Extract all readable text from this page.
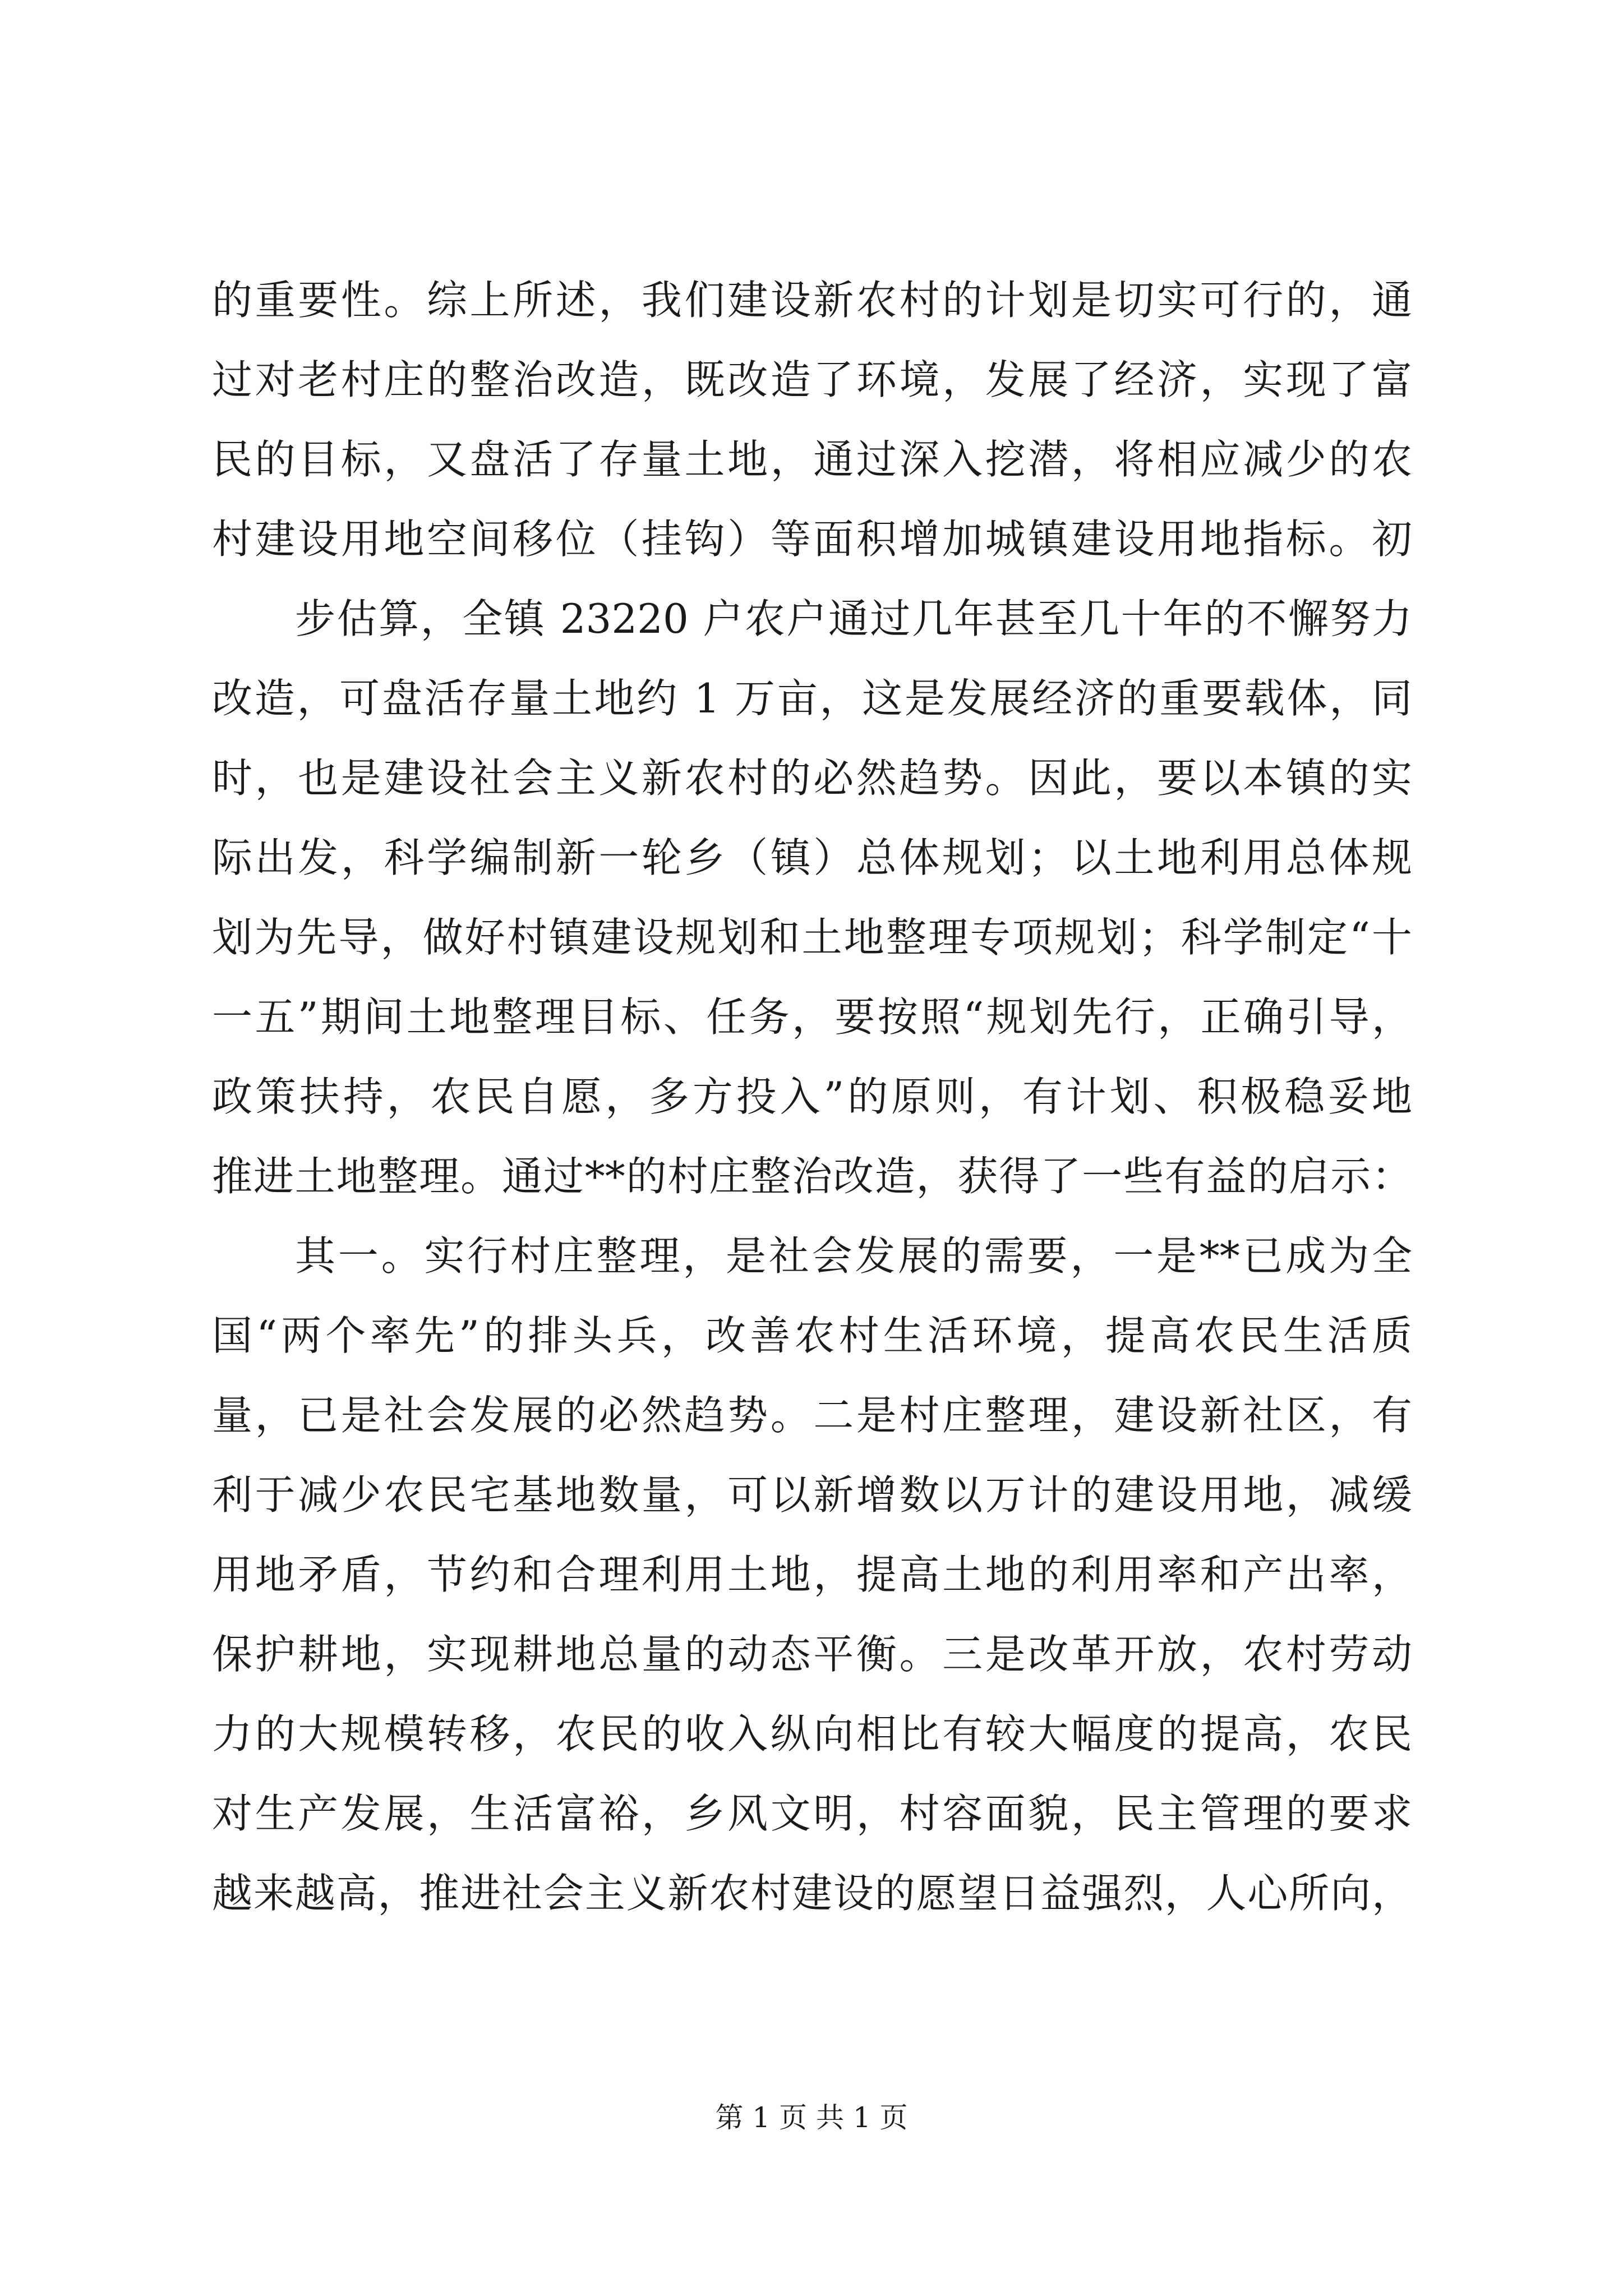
的重要性。综上所述，我们建设新农村的计划是切实可行的，通
过对老村庄的整治改造，既改造了环境，发展了经济，实现了富
民的目标，又盘活了存量土地，通过深入挖潜，将相应减少的农
村建设用地空间移位（挂钩）等面积增加城镇建设用地指标。初
步估算，全镇 23220 户农户通过几年甚至几十年的不懈努力
改造，可盘活存量土地约 1 万亩，这是发展经济的重要载体，同
时，也是建设社会主义新农村的必然趋势。因此，要以本镇的实
际出发，科学编制新一轮乡（镇）总体规划；以土地利用总体规
划为先导，做好村镇建设规划和土地整理专项规划；科学制定“十
一五”期间土地整理目标、任务，要按照“规划先行，正确引导，
政策扶持，农民自愿，多方投入”的原则，有计划、积极稳妥地
推进土地整理。通过**的村庄整治改造，获得了一些有益的启示：
其一。实行村庄整理，是社会发展的需要，一是**已成为全
国“两个率先”的排头兵，改善农村生活环境，提高农民生活质
量，已是社会发展的必然趋势。二是村庄整理，建设新社区，有
利于减少农民宅基地数量，可以新增数以万计的建设用地，减缓
用地矛盾，节约和合理利用土地，提高土地的利用率和产出率，
保护耕地，实现耕地总量的动态平衡。三是改革开放，农村劳动
力的大规模转移，农民的收入纵向相比有较大幅度的提高，农民
对生产发展，生活富裕，乡风文明，村容面貌，民主管理的要求
越来越高，推进社会主义新农村建设的愿望日益强烈，人心所向，
第 1 页 共 1 页
